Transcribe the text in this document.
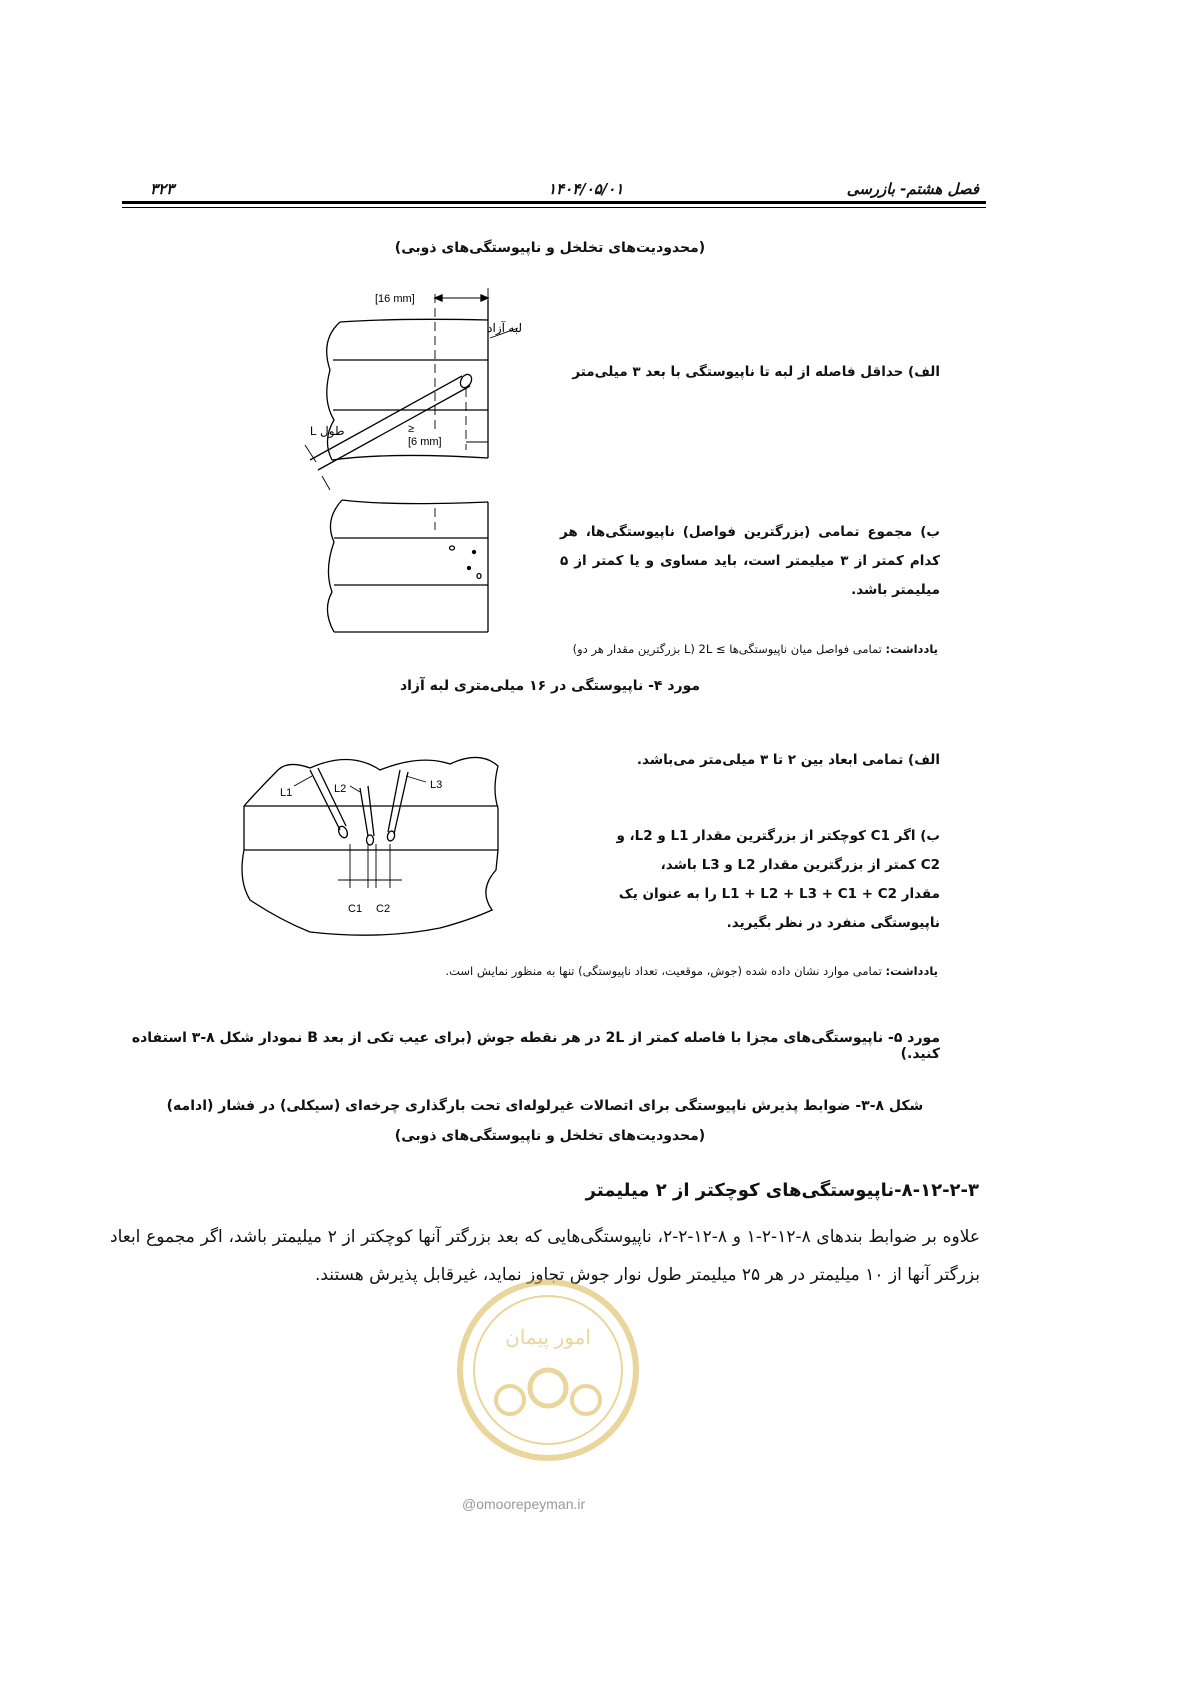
۳۲۳	۱۴۰۴/۰۵/۰۱	فصل هشتم- بازرسی
(محدودیت‌های تخلخل و ناپیوستگی‌های ذوبی)
[16 mm]
لبه آزاد
طول L	≥
[6 mm]
الف) حداقل فاصله از لبه تا ناپیوستگی با بعد ۳ میلی‌متر
ب) مجموع تمامی (بزرگترین فواصل) ناپیوستگی‌ها، هر کدام کمتر از ۳ میلیمتر است، باید مساوی و یا کمتر از ۵ میلیمتر باشد.
یادداشت: تمامی فواصل میان ناپیوستگی‌ها ≥ 2L (L بزرگترین مقدار هر دو)
مورد ۴- ناپیوستگی در ۱۶ میلی‌متری لبه آزاد
L1	L2	L3
C1 C2
الف) تمامی ابعاد بین ۲ تا ۳ میلی‌متر می‌باشد.
ب) اگر C1 کوچکتر از بزرگترین مقدار L1 و L2، و
C2 کمتر از بزرگترین مقدار L2 و L3 باشد،
مقدار L1 + L2 + L3 + C1 + C2 را به عنوان یک
ناپیوستگی منفرد در نظر بگیرید.
یادداشت: تمامی موارد نشان داده شده (جوش، موقعیت، تعداد ناپیوستگی) تنها به منظور نمایش است.
مورد ۵- ناپیوستگی‌های مجزا با فاصله کمتر از 2L در هر نقطه جوش (برای عیب تکی از بعد B نمودار شکل ۸-۳ استفاده کنید.)
شکل ۸-۳- ضوابط پذیرش ناپیوستگی برای اتصالات غیرلوله‌ای تحت بارگذاری چرخه‌ای (سیکلی) در فشار (ادامه)
(محدودیت‌های تخلخل و ناپیوستگی‌های ذوبی)
۸-۱۲-۲-۳-ناپیوستگی‌های کوچکتر از ۲ میلیمتر
علاوه بر ضوابط بندهای ۸-۱۲-۲-۱ و ۸-۱۲-۲-۲، ناپیوستگی‌هایی که بعد بزرگتر آنها کوچکتر از ۲ میلیمتر باشد، اگر مجموع ابعاد بزرگتر آنها از ۱۰ میلیمتر در هر ۲۵ میلیمتر طول نوار جوش تجاوز نماید، غیرقابل پذیرش هستند.
امور پیمان
@omoorepeyman.ir
